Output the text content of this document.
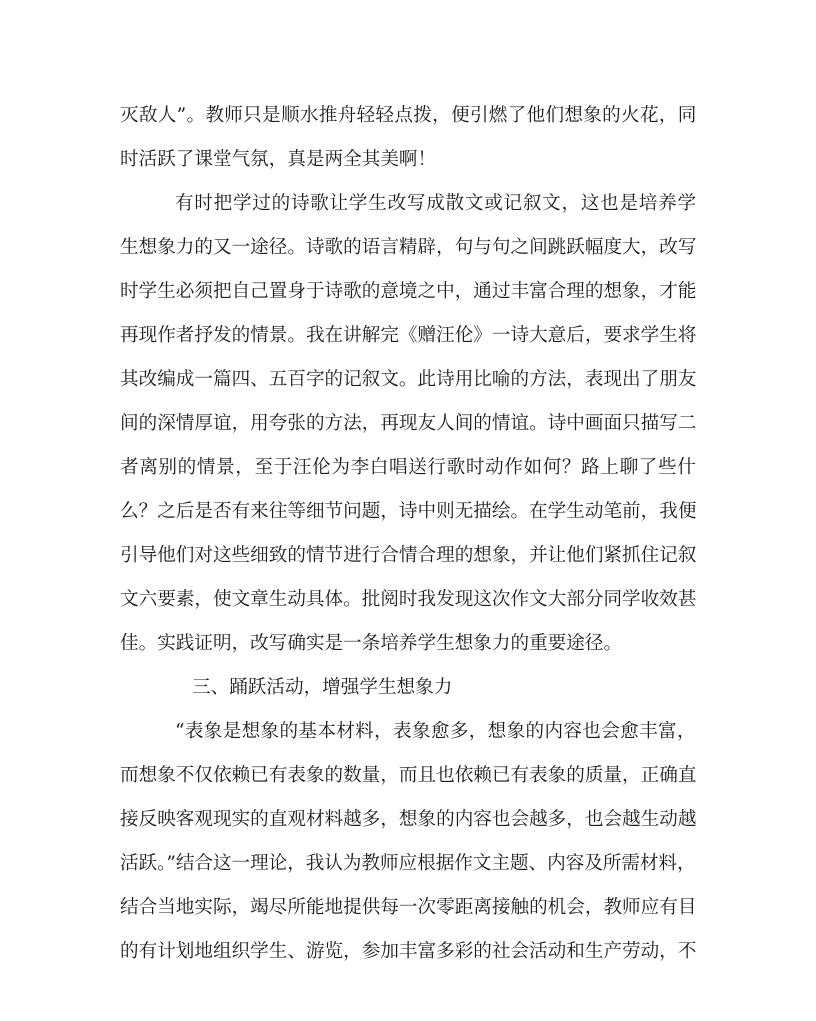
灭敌人”。教师只是顺水推舟轻轻点拨，便引燃了他们想象的火花，同
时活跃了课堂气氛，真是两全其美啊！
有时把学过的诗歌让学生改写成散文或记叙文，这也是培养学
生想象力的又一途径。诗歌的语言精辟，句与句之间跳跃幅度大，改写
时学生必须把自己置身于诗歌的意境之中，通过丰富合理的想象，才能
再现作者抒发的情景。我在讲解完《赠汪伦》一诗大意后，要求学生将
其改编成一篇四、五百字的记叙文。此诗用比喻的方法，表现出了朋友
间的深情厚谊，用夸张的方法，再现友人间的情谊。诗中画面只描写二
者离别的情景，至于汪伦为李白唱送行歌时动作如何？路上聊了些什
么？之后是否有来往等细节问题，诗中则无描绘。在学生动笔前，我便
引导他们对这些细致的情节进行合情合理的想象，并让他们紧抓住记叙
文六要素，使文章生动具体。批阅时我发现这次作文大部分同学收效甚
佳。实践证明，改写确实是一条培养学生想象力的重要途径。
三、踊跃活动，增强学生想象力
“表象是想象的基本材料，表象愈多，想象的内容也会愈丰富，
而想象不仅依赖已有表象的数量，而且也依赖已有表象的质量，正确直
接反映客观现实的直观材料越多，想象的内容也会越多，也会越生动越
活跃。”结合这一理论，我认为教师应根据作文主题、内容及所需材料，
结合当地实际，竭尽所能地提供每一次零距离接触的机会，教师应有目
的有计划地组织学生、游览，参加丰富多彩的社会活动和生产劳动，不
